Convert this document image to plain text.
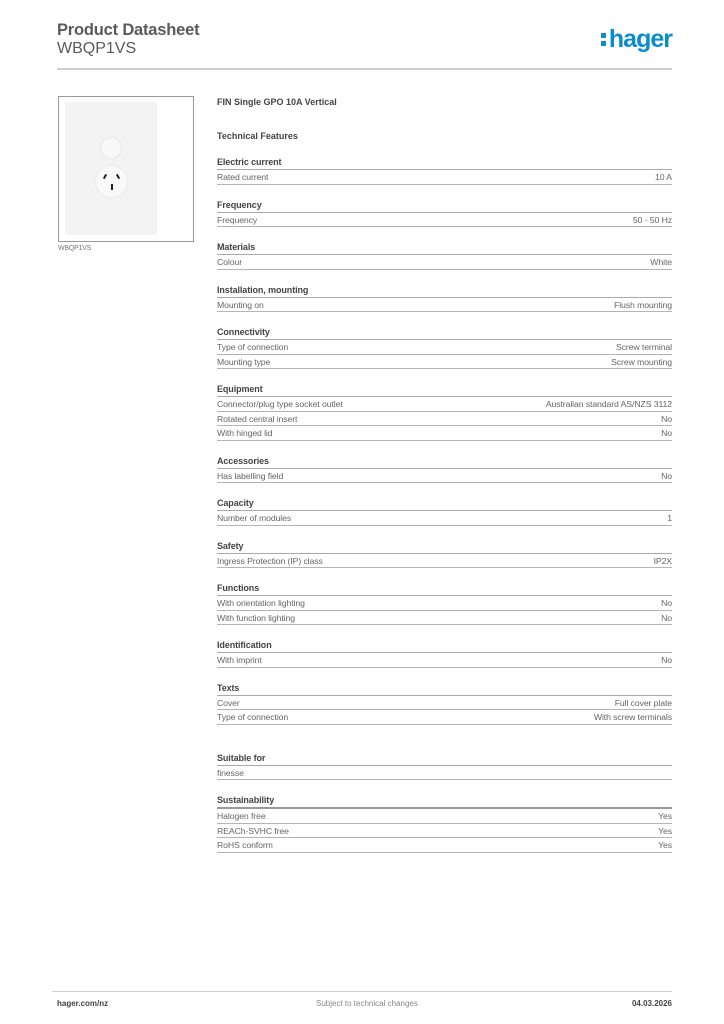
Product Datasheet
WBQP1VS	hager
WBQP1VS
FIN Single GPO 10A Vertical
Technical Features
Electric current
Rated current	10 A
Frequency
Frequency	50 - 50 Hz
Materials
Colour	White
Installation, mounting
Mounting on	Flush mounting
Connectivity
Type of connection	Screw terminal
Mounting type	Screw mounting
Equipment
Connector/plug type socket outlet	Australian standard AS/NZS 3112
Rotated central insert	No
With hinged lid	No
Accessories
Has labelling field	No
Capacity
Number of modules	1
Safety
Ingress Protection (IP) class	IP2X
Functions
With orientation lighting	No
With function lighting	No
Identification
With imprint	No
Texts
Cover	Full cover plate
Type of connection	With screw terminals
Suitable for
finesse
Sustainability
Halogen free	Yes
REACh-SVHC free	Yes
RoHS conform	Yes
hager.com/nz	Subject to technical changes	04.03.2026
